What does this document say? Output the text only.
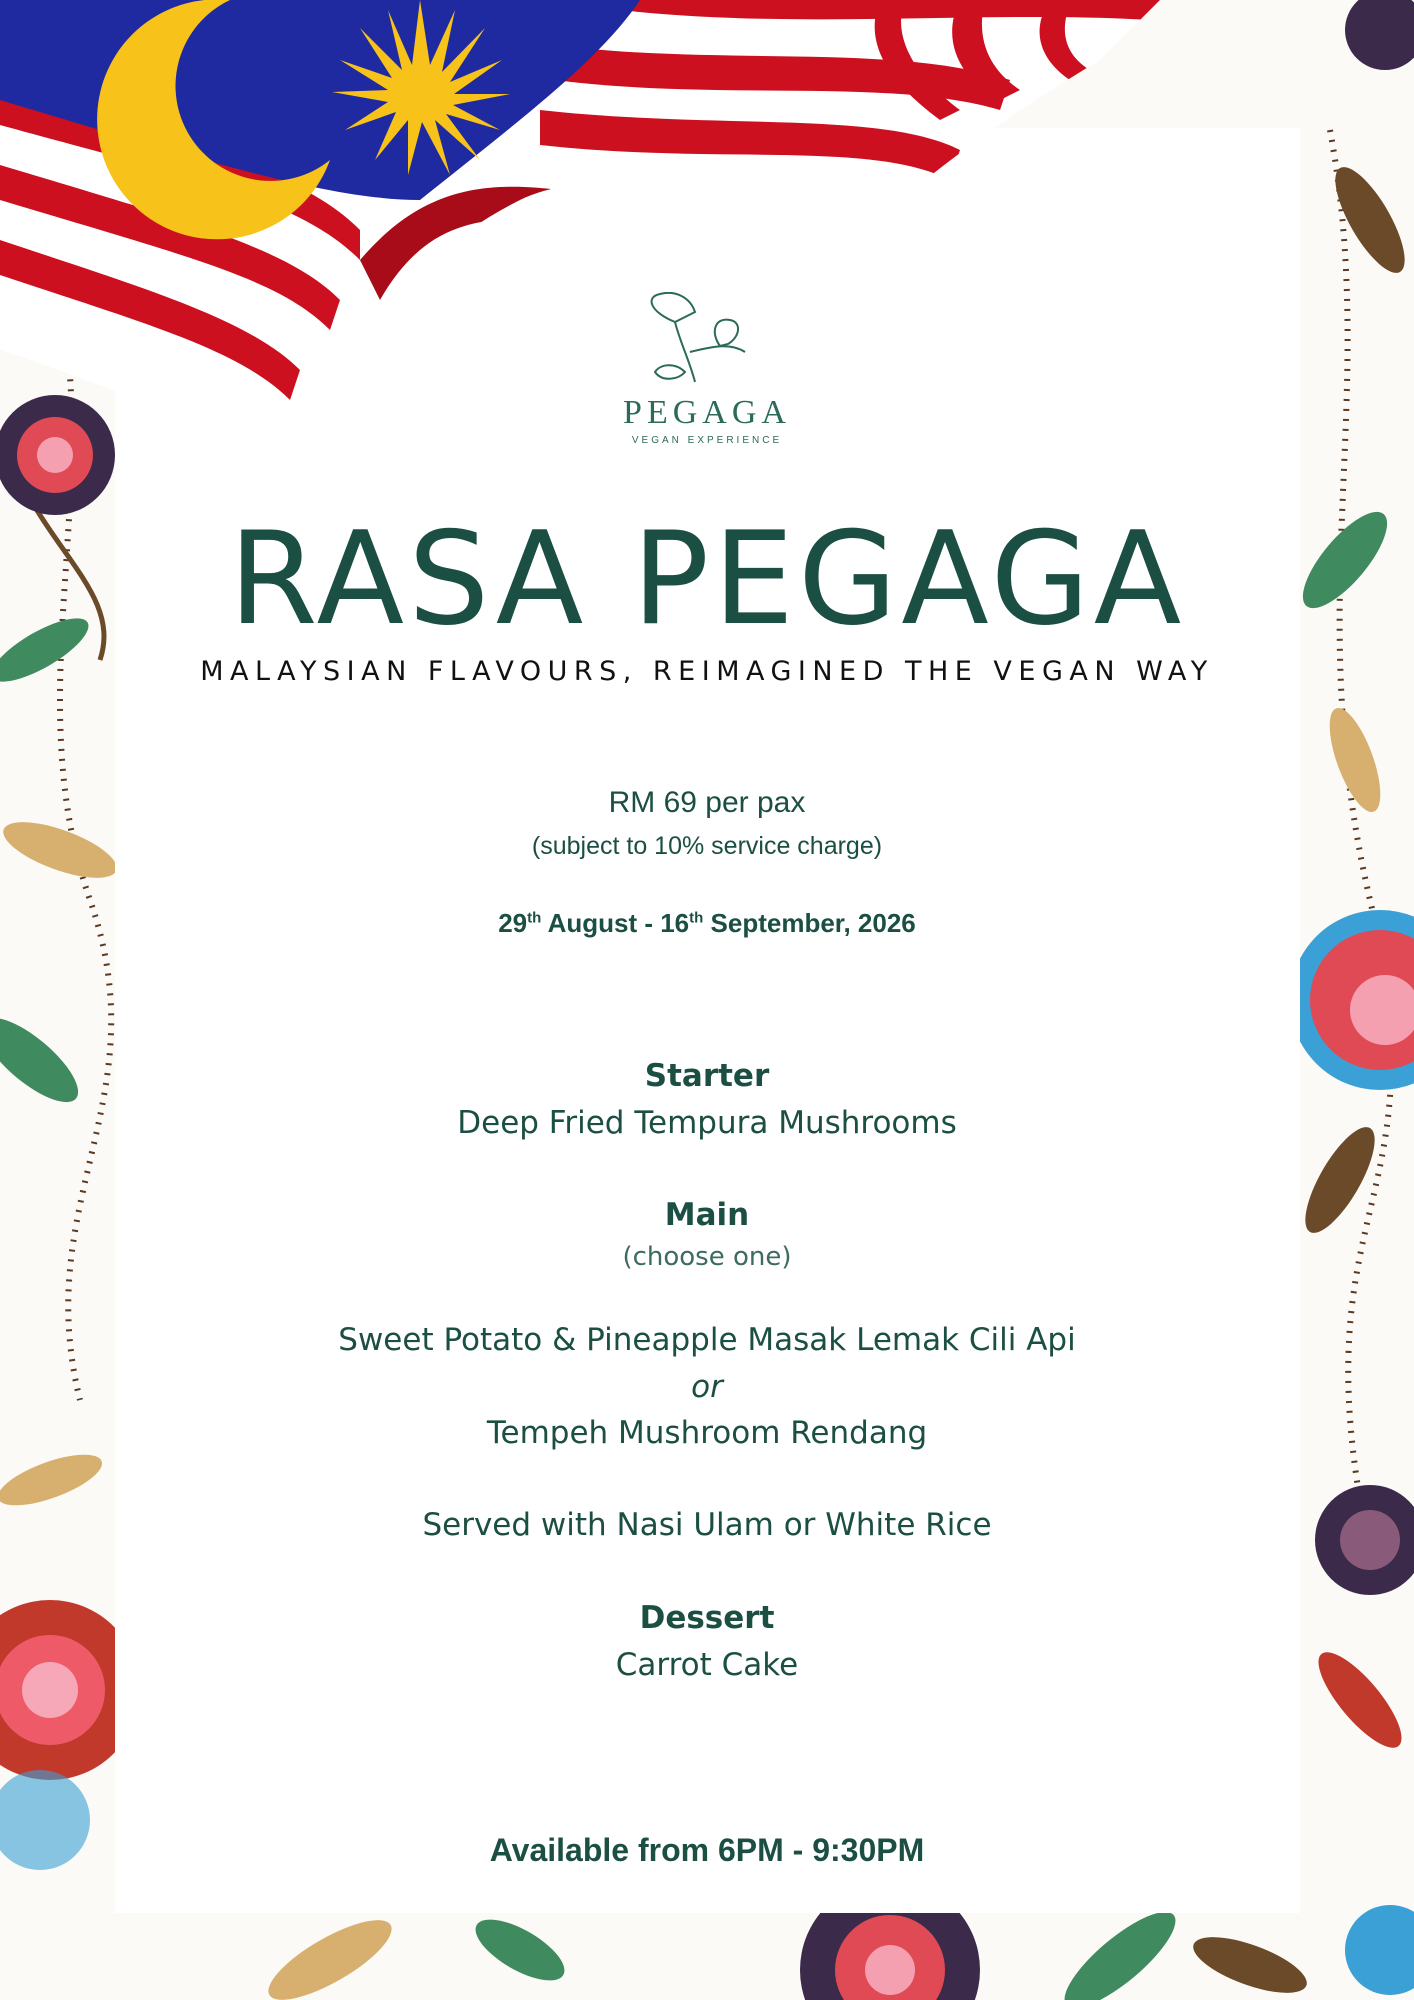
PEGAGA
VEGAN EXPERIENCE
RASA PEGAGA
MALAYSIAN FLAVOURS, REIMAGINED THE VEGAN WAY
RM 69 per pax
(subject to 10% service charge)
29th August - 16th September, 2026
Starter
Deep Fried Tempura Mushrooms
Main
(choose one)
Sweet Potato & Pineapple Masak Lemak Cili Api
or
Tempeh Mushroom Rendang
Served with Nasi Ulam or White Rice
Dessert
Carrot Cake
Available from 6PM - 9:30PM
